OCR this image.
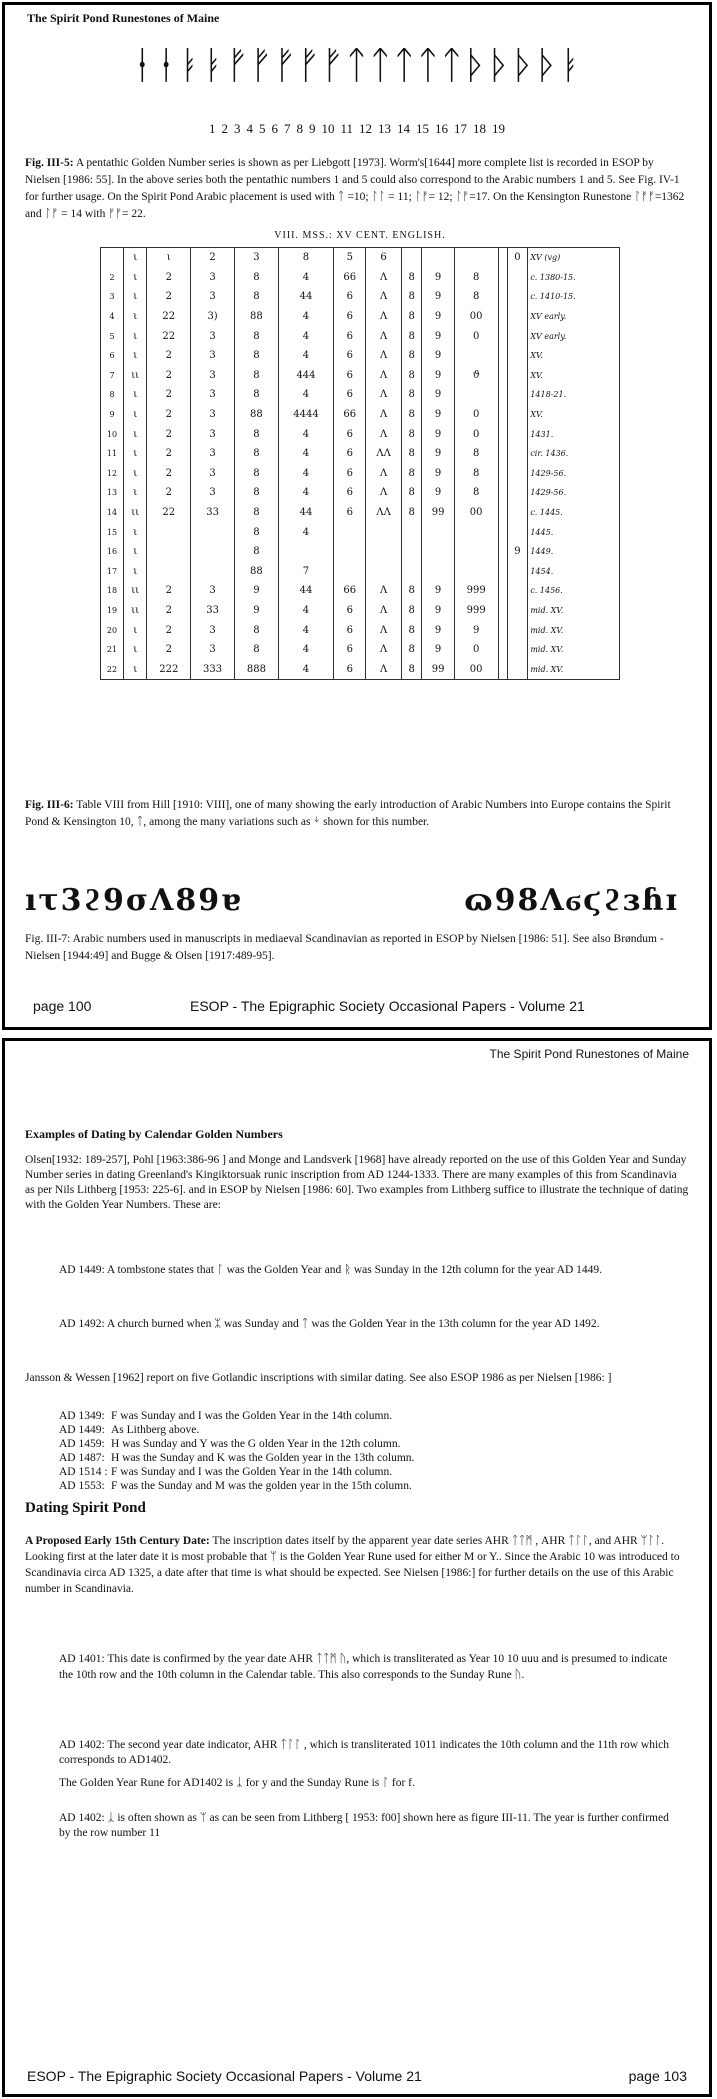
The Spirit Pond Runestones of Maine
ᚽᚽᛓᛓᚠᚠᚠᚠᚠᛏᛏᛏᛏᛏᚦᚦᚦᚦᛓ
1 2 3 4 5 6 7 8 9 10 11 12 13 14 15 16 17 18 19
Fig. III-5: A pentathic Golden Number series is shown as per Liebgott [1973]. Worm's[1644] more complete list is recorded in ESOP by Nielsen [1986: 55]. In the above series both the pentathic numbers 1 and 5 could also correspond to the Arabic numbers 1 and 5. See Fig. IV-1 for further usage. On the Spirit Pond Arabic placement is used with ᛏ =10; ᛚᛚ = 11; ᛚᚠ= 12; ᛚᚠ=17. On the Kensington Runestone ᛚᚠᚠ=1362 and ᛚᚠ = 14 with ᚠᚠ= 22.
VIII. MSS.: XV CENT. ENGLISH.
	ι	ι	2	3	8	5	6					0	XV (vg)
2	ι	2	3	8	4	66	Λ	8	9	8			c. 1380-15.
3	ι	2	3	8	44	6	Λ	8	9	8			c. 1410-15.
4	ι	22	3)	88	4	6	Λ	8	9	00			XV early.
5	ι	22	3	8	4	6	Λ	8	9	0			XV early.
6	ι	2	3	8	4	6	Λ	8	9				XV.
7	ιι	2	3	8	444	6	Λ	8	9	ϑ			XV.
8	ι	2	3	8	4	6	Λ	8	9				1418-21.
9	ι	2	3	88	4444	66	Λ	8	9	0			XV.
10	ι	2	3	8	4	6	Λ	8	9	0			1431.
11	ι	2	3	8	4	6	ΛΛ	8	9	8			cir. 1436.
12	ι	2	3	8	4	6	Λ	8	9	8			1429-56.
13	ι	2	3	8	4	6	Λ	8	9	8			1429-56.
14	ιι	22	33	8	44	6	ΛΛ	8	99	00			c. 1445.
15	ι			8	4								1445.
16	ι			8								9	1449.
17	ι			88	7								1454.
18	ιι	2	3	9	44	66	Λ	8	9	999			c. 1456.
19	ιι	2	33	9	4	6	Λ	8	9	999			mid. XV.
20	ι	2	3	8	4	6	Λ	8	9	9			mid. XV.
21	ι	2	3	8	4	6	Λ	8	9	0			mid. XV.
22	ι	222	333	888	4	6	Λ	8	99	00			mid. XV.
Fig. III-6: Table VIII from Hill [1910: VIII], one of many showing the early introduction of Arabic Numbers into Europe contains the Spirit Pond & Kensington 10, ᛏ, among the many variations such as ᛎ shown for this number.
ıτ3ϩ9σΛ89ɐ	ɷ98Λϭϛϩɜɦɪ
Fig. III-7: Arabic numbers used in manuscripts in mediaeval Scandinavian as reported in ESOP by Nielsen [1986: 51]. See also Brøndum - Nielsen [1944:49] and Bugge & Olsen [1917:489-95].
page 100	ESOP - The Epigraphic Society Occasional Papers - Volume 21
The Spirit Pond Runestones of Maine
Examples of Dating by Calendar Golden Numbers
Olsen[1932: 189-257], Pohl [1963:386-96 ] and Monge and Landsverk [1968] have already reported on the use of this Golden Year and Sunday Number series in dating Greenland's Kingiktorsuak runic inscription from AD 1244-1333. There are many examples of this from Scandinavia as per Nils Lithberg [1953: 225-6]. and in ESOP by Nielsen [1986: 60]. Two examples from Lithberg suffice to illustrate the technique of dating with the Golden Year Numbers. These are:
AD 1449: A tombstone states that ᛚ was the Golden Year and ᚱ was Sunday in the 12th column for the year AD 1449.
AD 1492: A church burned when ᛯ was Sunday and ᛏ was the Golden Year in the 13th column for the year AD 1492.
Jansson & Wessen [1962] report on five Gotlandic inscriptions with similar dating. See also ESOP 1986 as per Nielsen [1986: ]
AD 1349: F was Sunday and I was the Golden Year in the 14th column.
AD 1449: As Lithberg above.
AD 1459: H was Sunday and Y was the G olden Year in the 12th column.
AD 1487: H was the Sunday and K was the Golden year in the 13th column.
AD 1514 : F was Sunday and I was the Golden Year in the 14th column.
AD 1553: F was the Sunday and M was the golden year in the 15th column.
Dating Spirit Pond
A Proposed Early 15th Century Date: The inscription dates itself by the apparent year date series AHR ᛏᛏᛗ , AHR ᛏᛚᛚ, and AHR ᛘᛚᛚ. Looking first at the later date it is most probable that ᛘ is the Golden Year Rune used for either M or Y.. Since the Arabic 10 was introduced to Scandinavia circa AD 1325, a date after that time is what should be expected. See Nielsen [1986:] for further details on the use of this Arabic number in Scandinavia.
AD 1401: This date is confirmed by the year date AHR ᛏᛏᛗ ᚢ, which is transliterated as Year 10 10 uuu and is presumed to indicate the 10th row and the 10th column in the Calendar table. This also corresponds to the Sunday Rune ᚢ.
AD 1402: The second year date indicator, AHR ᛏᛚᛚ , which is transliterated 1011 indicates the 10th column and the 11th row which corresponds to AD1402.
The Golden Year Rune for AD1402 is ᛣ for y and the Sunday Rune is ᛚ for f.
AD 1402: ᛣ is often shown as ᛘ as can be seen from Lithberg [ 1953: f00] shown here as figure III-11. The year is further confirmed by the row number 11
ESOP - The Epigraphic Society Occasional Papers - Volume 21	page 103
